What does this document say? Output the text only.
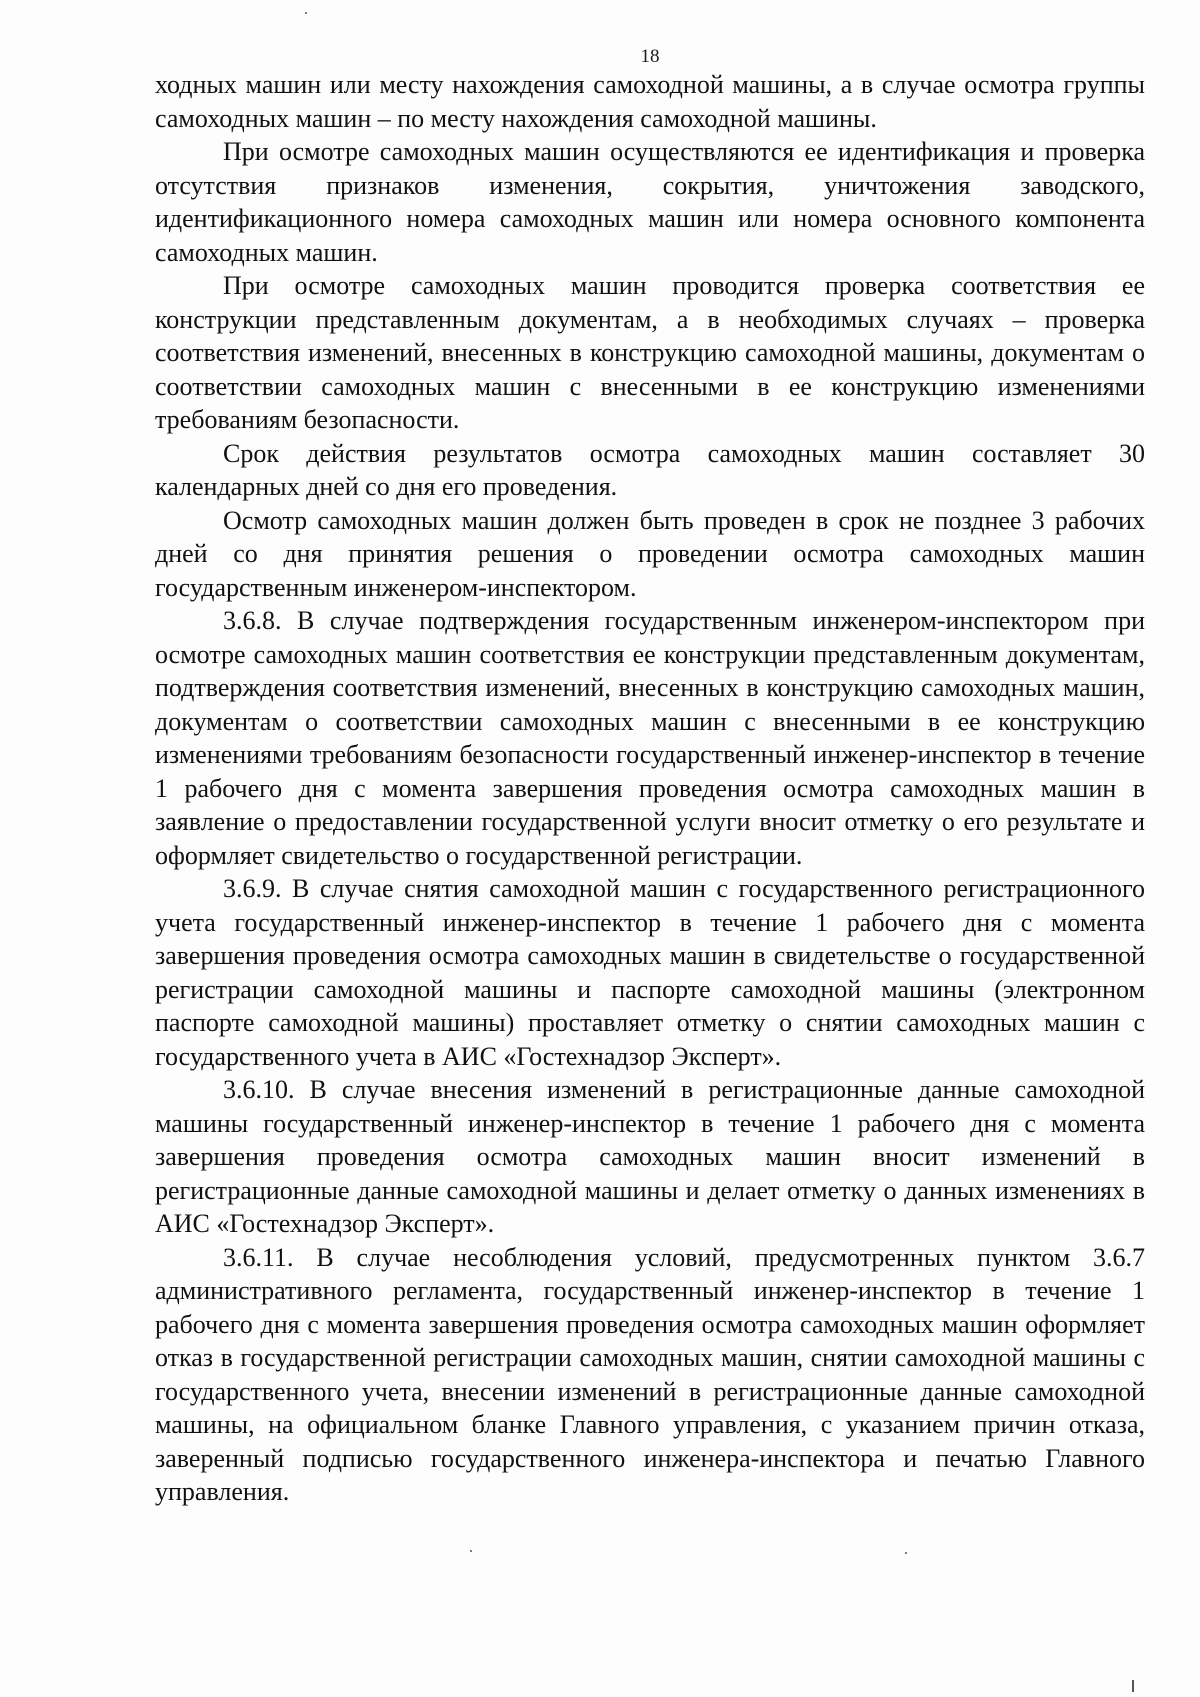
18

ходных машин или месту нахождения самоходной машины, а в случае осмотра группы самоходных машин – по месту нахождения самоходной машины.

При осмотре самоходных машин осуществляются ее идентификация и проверка отсутствия признаков изменения, сокрытия, уничтожения заводского, идентификационного номера самоходных машин или номера основного компонента самоходных машин.

При осмотре самоходных машин проводится проверка соответствия ее конструкции представленным документам, а в необходимых случаях – проверка соответствия изменений, внесенных в конструкцию самоходной машины, документам о соответствии самоходных машин с внесенными в ее конструкцию изменениями требованиям безопасности.

Срок действия результатов осмотра самоходных машин составляет 30 календарных дней со дня его проведения.

Осмотр самоходных машин должен быть проведен в срок не позднее 3 рабочих дней со дня принятия решения о проведении осмотра самоходных машин государственным инженером-инспектором.

3.6.8. В случае подтверждения государственным инженером-инспектором при осмотре самоходных машин соответствия ее конструкции представленным документам, подтверждения соответствия изменений, внесенных в конструкцию самоходных машин, документам о соответствии самоходных машин с внесенными в ее конструкцию изменениями требованиям безопасности государственный инженер-инспектор в течение 1 рабочего дня с момента завершения проведения осмотра самоходных машин в заявление о предоставлении государственной услуги вносит отметку о его результате и оформляет свидетельство о государственной регистрации.

3.6.9. В случае снятия самоходной машин с государственного регистрационного учета государственный инженер-инспектор в течение 1 рабочего дня с момента завершения проведения осмотра самоходных машин в свидетельстве о государственной регистрации самоходной машины и паспорте самоходной машины (электронном паспорте самоходной машины) проставляет отметку о снятии самоходных машин с государственного учета в АИС «Гостехнадзор Эксперт».

3.6.10. В случае внесения изменений в регистрационные данные самоходной машины государственный инженер-инспектор в течение 1 рабочего дня с момента завершения проведения осмотра самоходных машин вносит изменений в регистрационные данные самоходной машины и делает отметку о данных изменениях в АИС «Гостехнадзор Эксперт».

3.6.11. В случае несоблюдения условий, предусмотренных пунктом 3.6.7 административного регламента, государственный инженер-инспектор в течение 1 рабочего дня с момента завершения проведения осмотра самоходных машин оформляет отказ в государственной регистрации самоходных машин, снятии самоходной машины с государственного учета, внесении изменений в регистрационные данные самоходной машины, на официальном бланке Главного управления, с указанием причин отказа, заверенный подписью государственного инженера-инспектора и печатью Главного управления.
